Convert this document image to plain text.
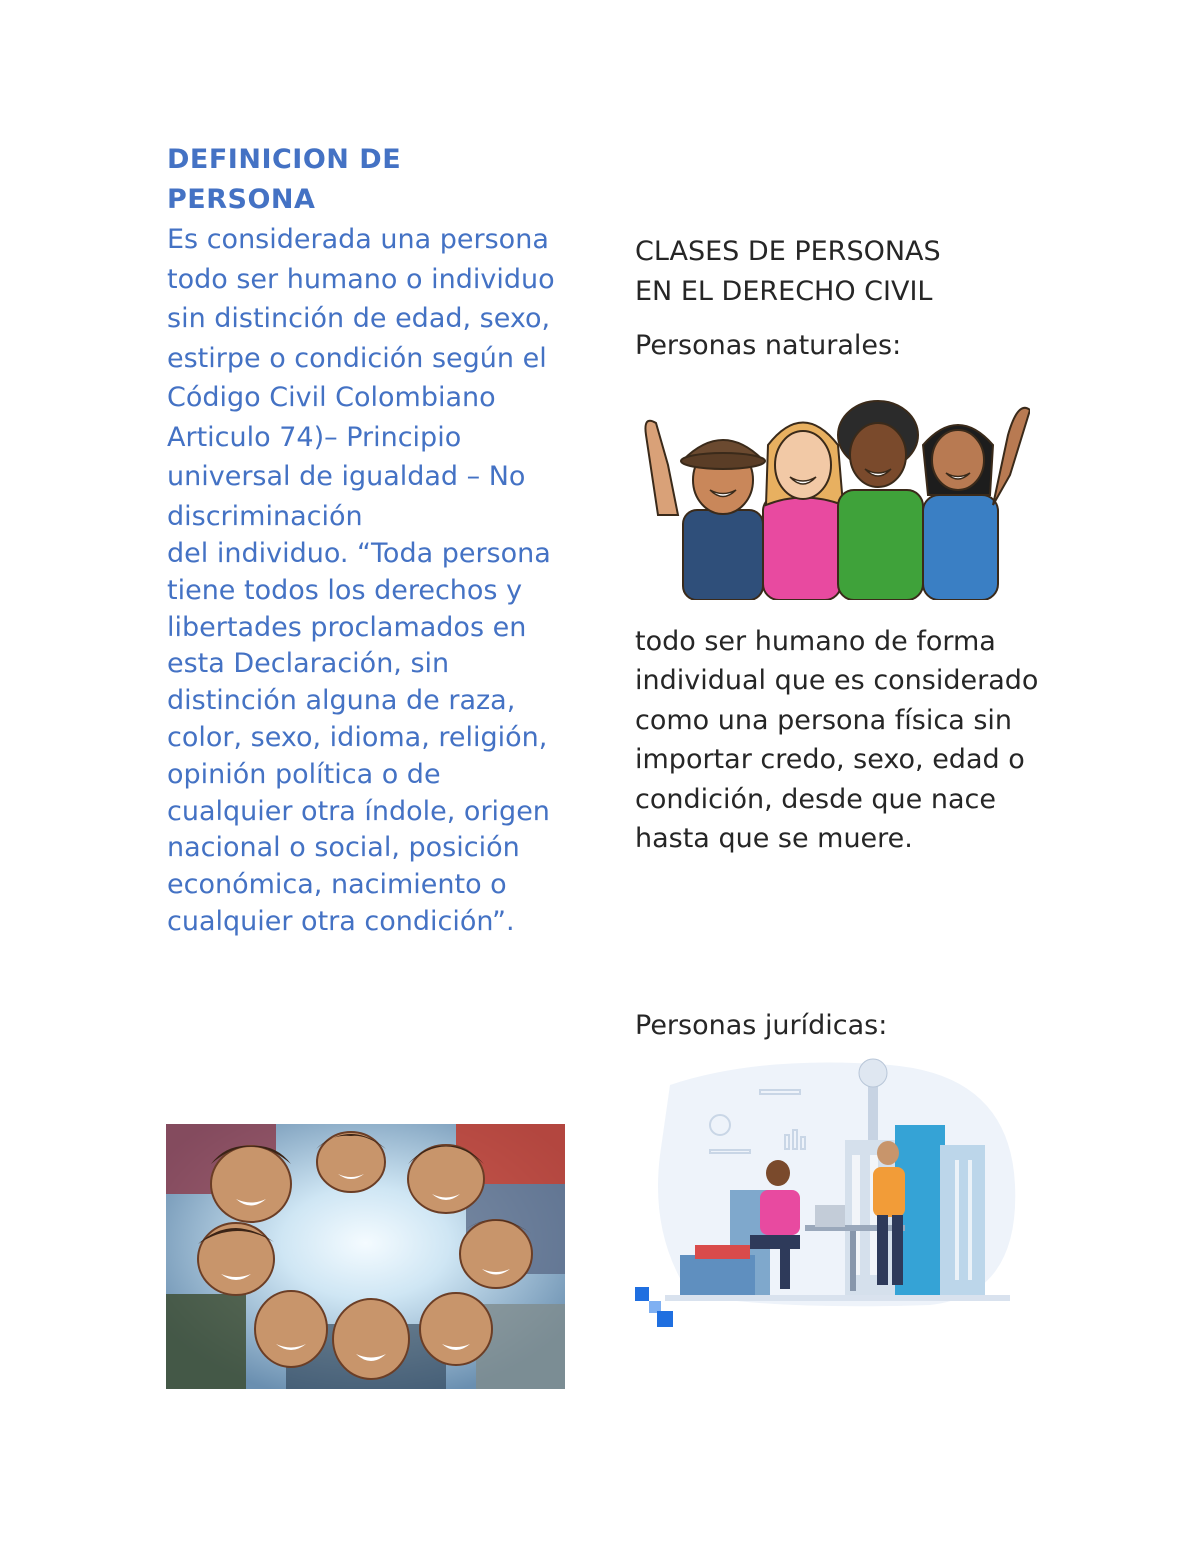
DEFINICION DE
PERSONA
Es considerada una persona todo ser humano o individuo sin distinción de edad, sexo, estirpe o condición según el Código Civil Colombiano Articulo 74)– Principio universal de igualdad – No discriminación
del individuo. “Toda persona tiene todos los derechos y libertades proclamados en esta Declaración, sin distinción alguna de raza, color, sexo, idioma, religión, opinión política o de cualquier otra índole, origen nacional o social, posición económica, nacimiento o cualquier otra condición”.
CLASES DE PERSONAS
EN EL DERECHO CIVIL

Personas naturales:

todo ser humano de forma individual que es considerado como una persona física sin importar credo, sexo, edad o condición, desde que nace hasta que se muere.

Personas jurídicas:
